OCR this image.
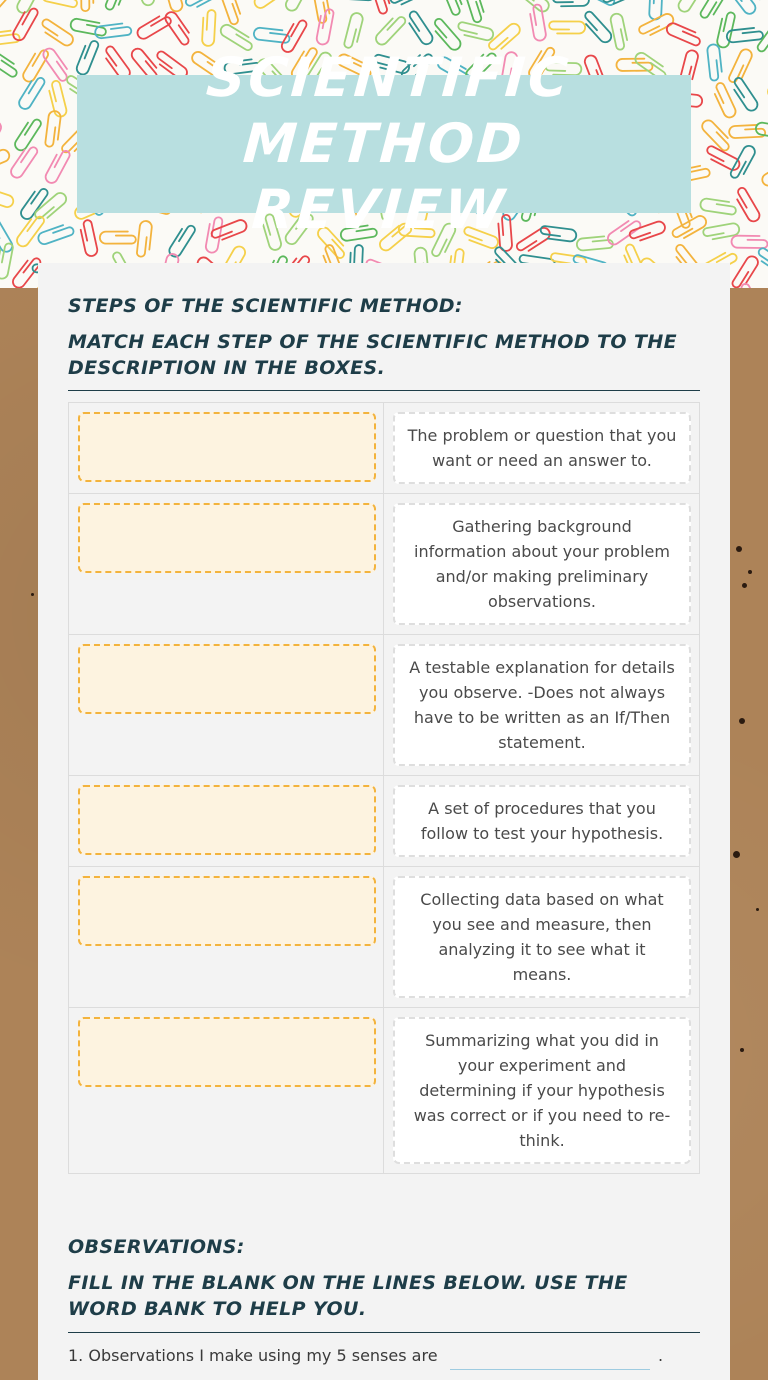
SCIENTIFIC METHOD
REVIEW
STEPS OF THE SCIENTIFIC METHOD:
MATCH EACH STEP OF THE SCIENTIFIC METHOD TO THE DESCRIPTION IN THE BOXES.
The problem or question that you want or need an answer to.
Gathering background information about your problem and/or making preliminary observations.
A testable explanation for details you observe. -Does not always have to be written as an If/Then statement.
A set of procedures that you follow to test your hypothesis.
Collecting data based on what you see and measure, then analyzing it to see what it means.
Summarizing what you did in your experiment and determining if your hypothesis was correct or if you need to re-think.
OBSERVATIONS:
FILL IN THE BLANK ON THE LINES BELOW. USE THE WORD BANK TO HELP YOU.
1. Observations I make using my 5 senses are	.
